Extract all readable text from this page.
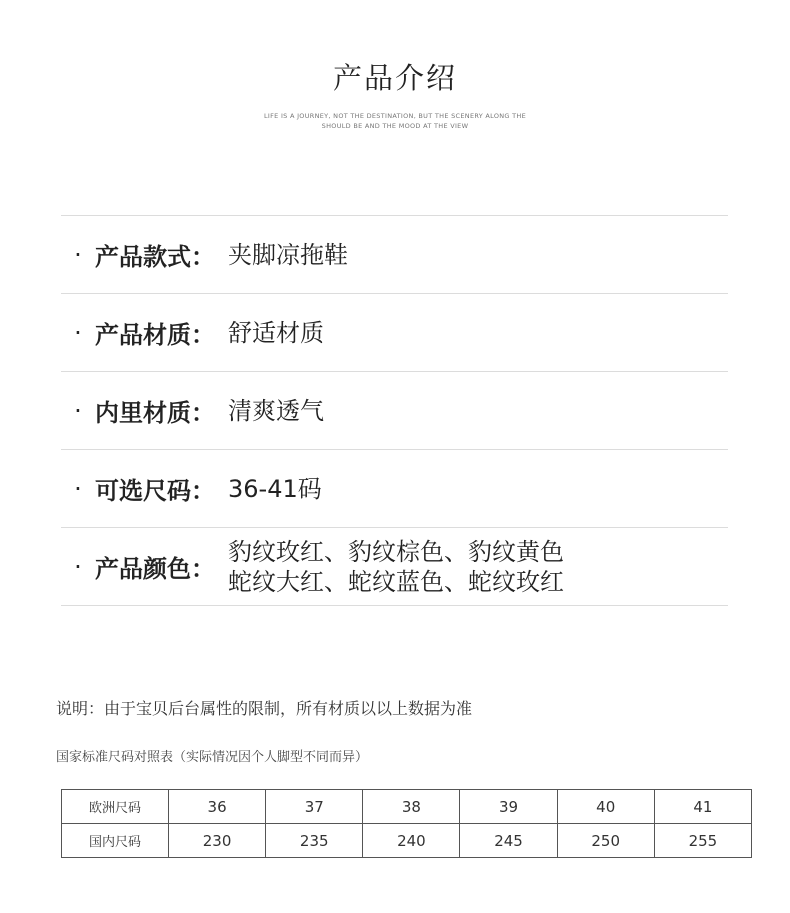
产品介绍
LIFE IS A JOURNEY, NOT THE DESTINATION, BUT THE SCENERY ALONG THE
SHOULD BE AND THE MOOD AT THE VIEW
· 产品款式： 夹脚凉拖鞋
· 产品材质： 舒适材质
· 内里材质： 清爽透气
· 可选尺码： 36-41码
· 产品颜色：
豹纹玫红、豹纹棕色、豹纹黄色
蛇纹大红、蛇纹蓝色、蛇纹玫红
说明：由于宝贝后台属性的限制，所有材质以以上数据为准
国家标准尺码对照表（实际情况因个人脚型不同而异）
欧洲尺码	36	37	38	39	40	41
国内尺码	230	235	240	245	250	255
